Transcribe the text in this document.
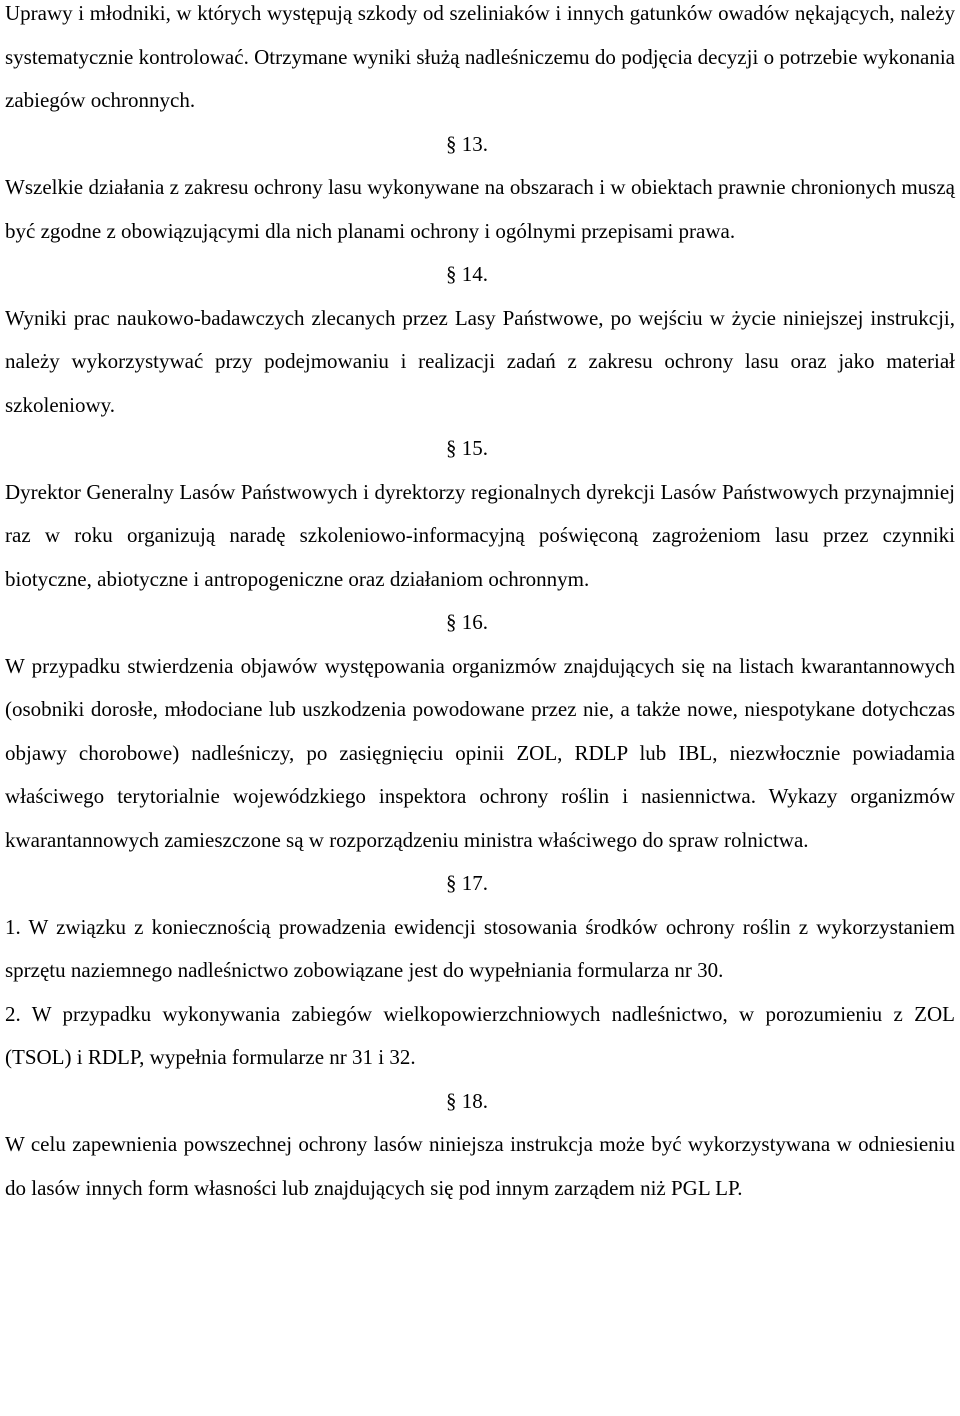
Uprawy i młodniki, w których występują szkody od szeliniaków i innych gatunków owadów nękających, należy systematycznie kontrolować. Otrzymane wyniki służą nadleśniczemu do podjęcia decyzji o potrzebie wykonania zabiegów ochronnych.

§ 13.

Wszelkie działania z zakresu ochrony lasu wykonywane na obszarach i w obiektach prawnie chronionych muszą być zgodne z obowiązującymi dla nich planami ochrony i ogólnymi przepisami prawa.

§ 14.

Wyniki prac naukowo-badawczych zlecanych przez Lasy Państwowe, po wejściu w życie niniejszej instrukcji, należy wykorzystywać przy podejmowaniu i realizacji zadań z zakresu ochrony lasu oraz jako materiał szkoleniowy.

§ 15.

Dyrektor Generalny Lasów Państwowych i dyrektorzy regionalnych dyrekcji Lasów Państwowych przynajmniej raz w roku organizują naradę szkoleniowo-informacyjną poświęconą zagrożeniom lasu przez czynniki biotyczne, abiotyczne i antropogeniczne oraz działaniom ochronnym.

§ 16.

W przypadku stwierdzenia objawów występowania organizmów znajdujących się na listach kwarantannowych (osobniki dorosłe, młodociane lub uszkodzenia powodowane przez nie, a także nowe, niespotykane dotychczas objawy chorobowe) nadleśniczy, po zasięgnięciu opinii ZOL, RDLP lub IBL, niezwłocznie powiadamia właściwego terytorialnie wojewódzkiego inspektora ochrony roślin i nasiennictwa. Wykazy organizmów kwarantannowych zamieszczone są w rozporządzeniu ministra właściwego do spraw rolnictwa.

§ 17.

1. W związku z koniecznością prowadzenia ewidencji stosowania środków ochrony roślin z wykorzystaniem sprzętu naziemnego nadleśnictwo zobowiązane jest do wypełniania formularza nr 30.

2. W przypadku wykonywania zabiegów wielkopowierzchniowych nadleśnictwo, w porozumieniu z ZOL (TSOL) i RDLP, wypełnia formularze nr 31 i 32.

§ 18.

W celu zapewnienia powszechnej ochrony lasów niniejsza instrukcja może być wykorzystywana w odniesieniu do lasów innych form własności lub znajdujących się pod innym zarządem niż PGL LP.
